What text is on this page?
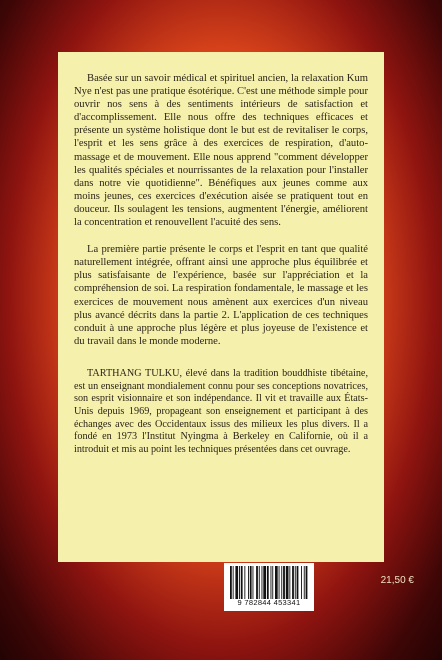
Basée sur un savoir médical et spirituel ancien, la relaxation Kum Nye n'est pas une pratique ésotérique. C'est une méthode simple pour ouvrir nos sens à des sentiments intérieurs de satisfaction et d'accomplissement. Elle nous offre des techniques efficaces et présente un système holistique dont le but est de revitaliser le corps, l'esprit et les sens grâce à des exercices de respiration, d'auto-massage et de mouvement. Elle nous apprend "comment développer les qualités spéciales et nourrissantes de la relaxation pour l'installer dans notre vie quotidienne". Bénéfiques aux jeunes comme aux moins jeunes, ces exercices d'exécution aisée se pratiquent tout en douceur. Ils soulagent les tensions, augmentent l'énergie, améliorent la concentration et renouvellent l'acuité des sens.

La première partie présente le corps et l'esprit en tant que qualité naturellement intégrée, offrant ainsi une approche plus équilibrée et plus satisfaisante de l'expérience, basée sur l'appréciation et la compréhension de soi. La respiration fondamentale, le massage et les exercices de mouvement nous amènent aux exercices d'un niveau plus avancé décrits dans la partie 2. L'application de ces techniques conduit à une approche plus légère et plus joyeuse de l'existence et du travail dans le monde moderne.

TARTHANG TULKU, élevé dans la tradition bouddhiste tibétaine, est un enseignant mondialement connu pour ses conceptions novatrices, son esprit visionnaire et son indépendance. Il vit et travaille aux États-Unis depuis 1969, propageant son enseignement et participant à des échanges avec des Occidentaux issus des milieux les plus divers. Il a fondé en 1973 l'Institut Nyingma à Berkeley en Californie, où il a introduit et mis au point les techniques présentées dans cet ouvrage.

9 782844 453341
21,50 €
